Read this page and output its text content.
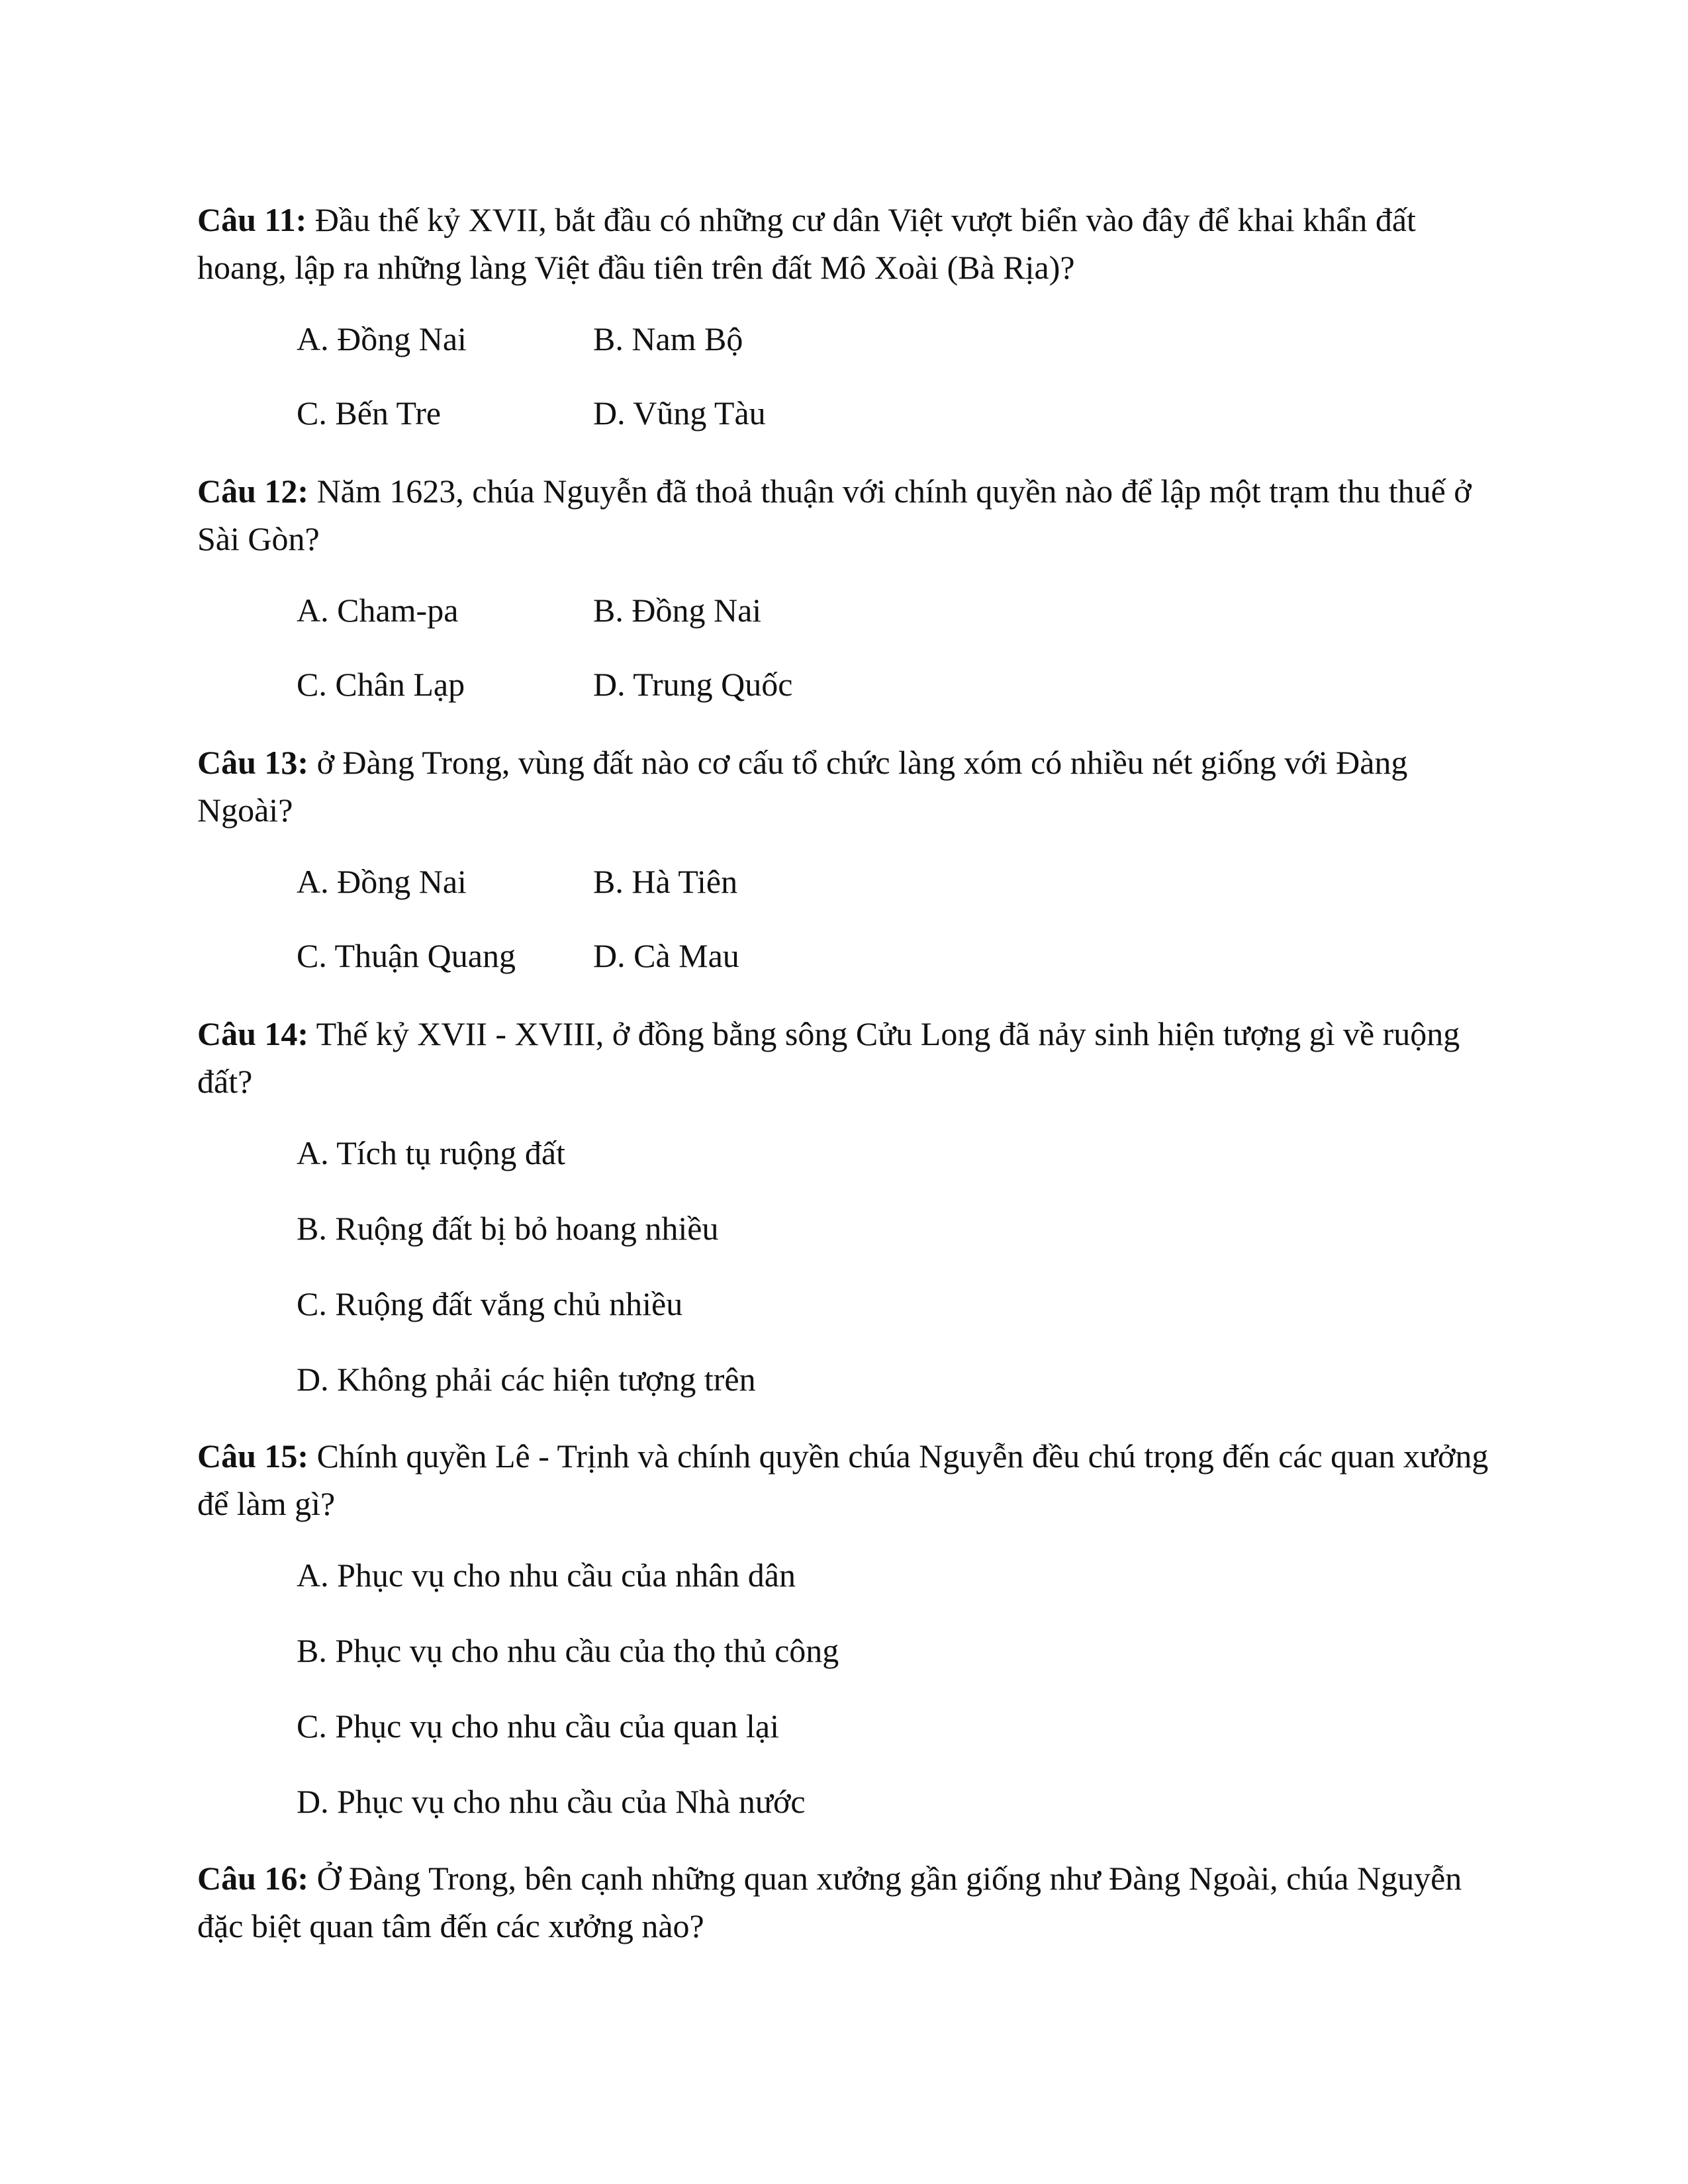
Câu 11: Đầu thế kỷ XVII, bắt đầu có những cư dân Việt vượt biển vào đây để khai khẩn đất hoang, lập ra những làng Việt đầu tiên trên đất Mô Xoài (Bà Rịa)?

A. Đồng Nai	B. Nam Bộ
C. Bến Tre	D. Vũng Tàu

Câu 12: Năm 1623, chúa Nguyễn đã thoả thuận với chính quyền nào để lập một trạm thu thuế ở Sài Gòn?

A. Cham-pa	B. Đồng Nai
C. Chân Lạp	D. Trung Quốc

Câu 13: ở Đàng Trong, vùng đất nào cơ cấu tổ chức làng xóm có nhiều nét giống với Đàng Ngoài?

A. Đồng Nai	B. Hà Tiên
C. Thuận Quang D. Cà Mau

Câu 14: Thế kỷ XVII - XVIII, ở đồng bằng sông Cửu Long đã nảy sinh hiện tượng gì về ruộng đất?

A. Tích tụ ruộng đất
B. Ruộng đất bị bỏ hoang nhiều
C. Ruộng đất vắng chủ nhiều
D. Không phải các hiện tượng trên

Câu 15: Chính quyền Lê - Trịnh và chính quyền chúa Nguyễn đều chú trọng đến các quan xưởng để làm gì?

A. Phục vụ cho nhu cầu của nhân dân
B. Phục vụ cho nhu cầu của thọ thủ công
C. Phục vụ cho nhu cầu của quan lại
D. Phục vụ cho nhu cầu của Nhà nước

Câu 16: Ở Đàng Trong, bên cạnh những quan xưởng gần giống như Đàng Ngoài, chúa Nguyễn đặc biệt quan tâm đến các xưởng nào?
